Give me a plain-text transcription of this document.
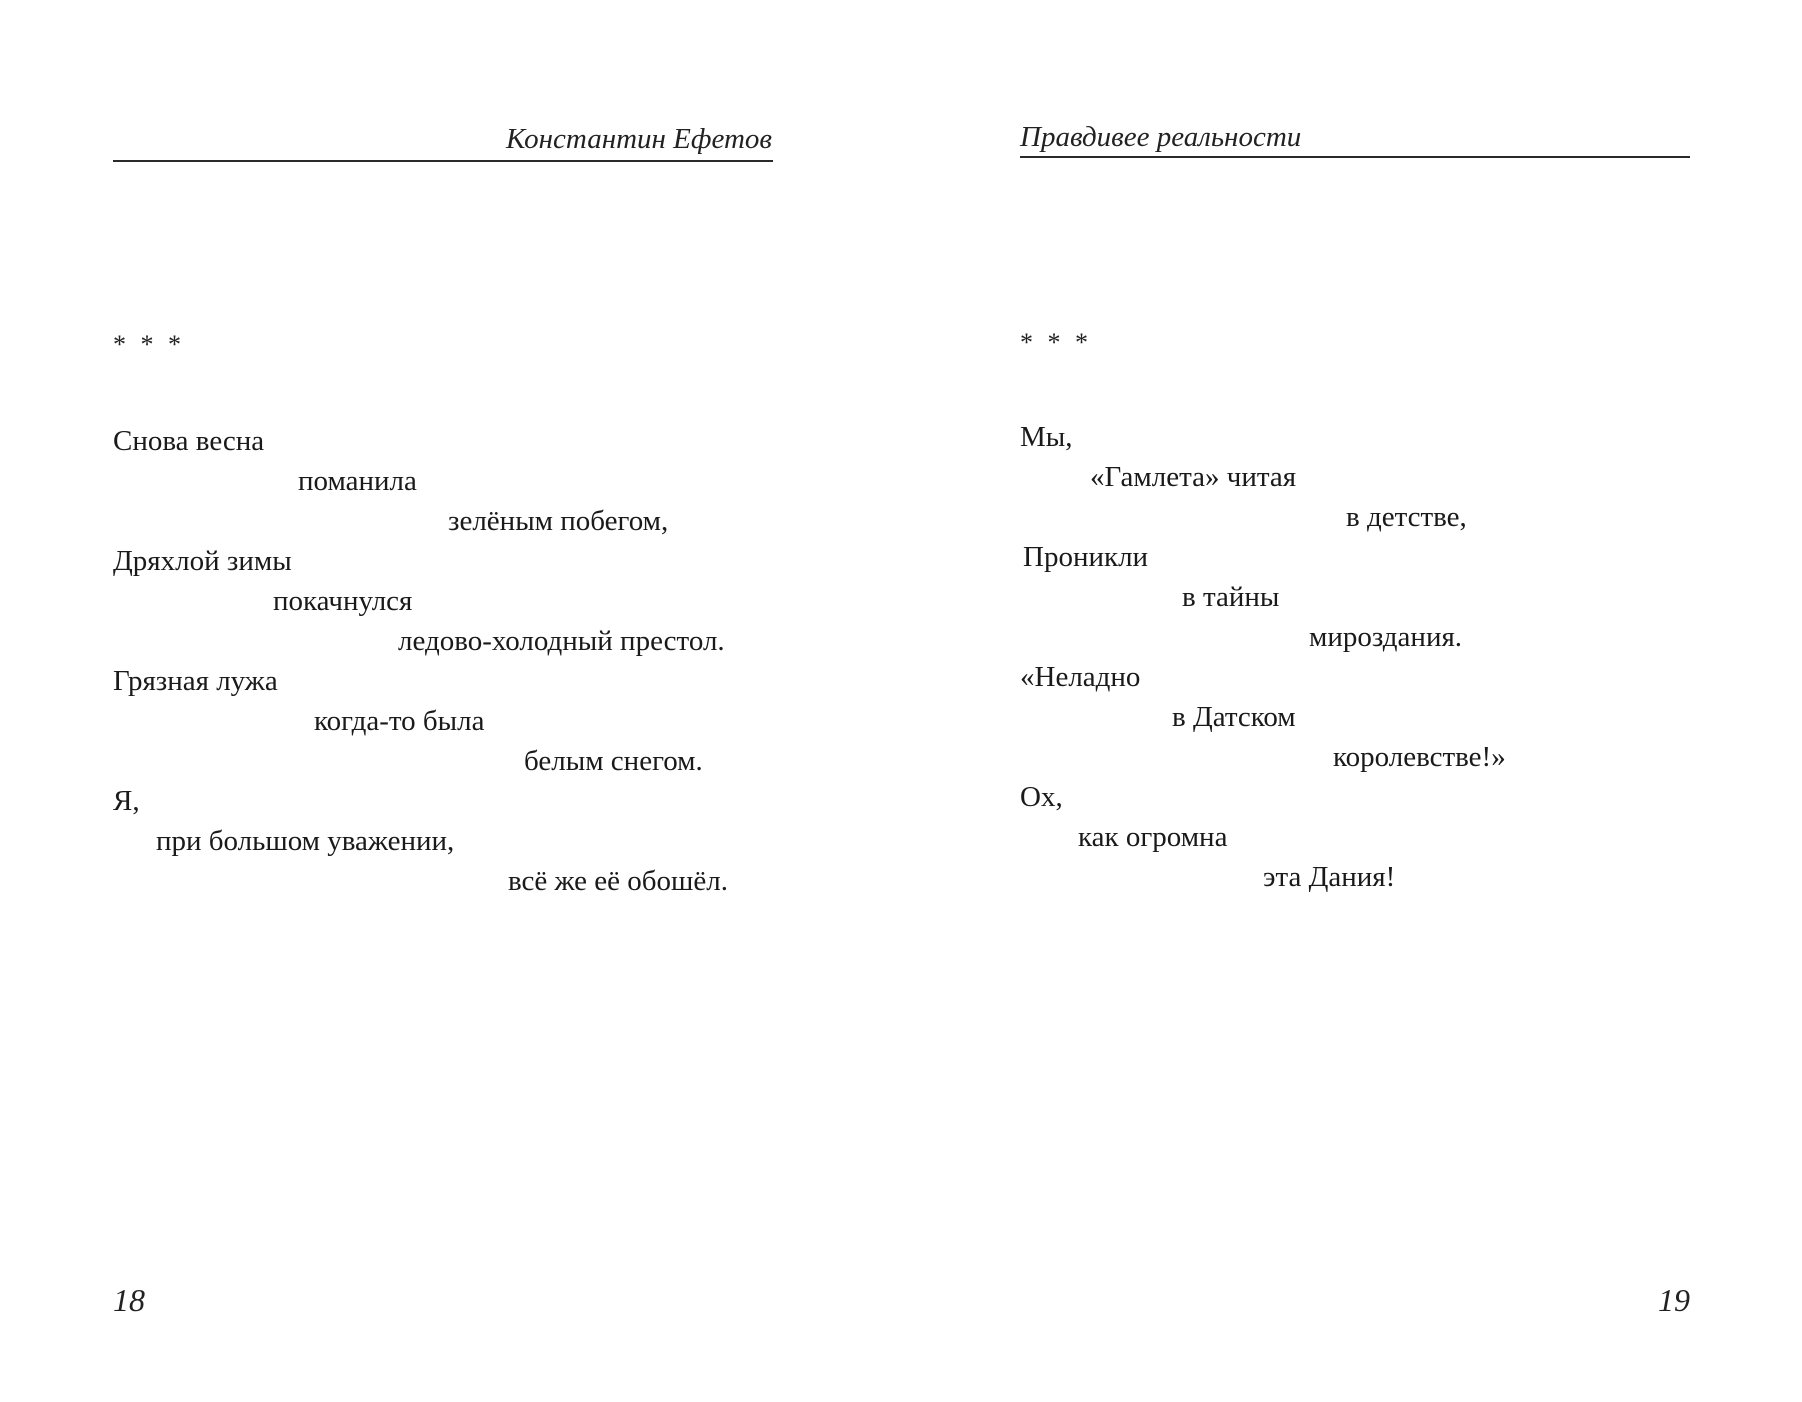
Константин Ефетов
* * *
Снова весна
поманила
зелёным побегом,
Дряхлой зимы
покачнулся
ледово-холодный престол.
Грязная лужа
когда-то была
белым снегом.
Я,
при большом уважении,
всё же её обошёл.
18
Правдивее реальности
* * *
Мы,
«Гамлета» читая
в детстве,
Проникли
в тайны
мироздания.
«Неладно
в Датском
королевстве!»
Ох,
как огромна
эта Дания!
19
